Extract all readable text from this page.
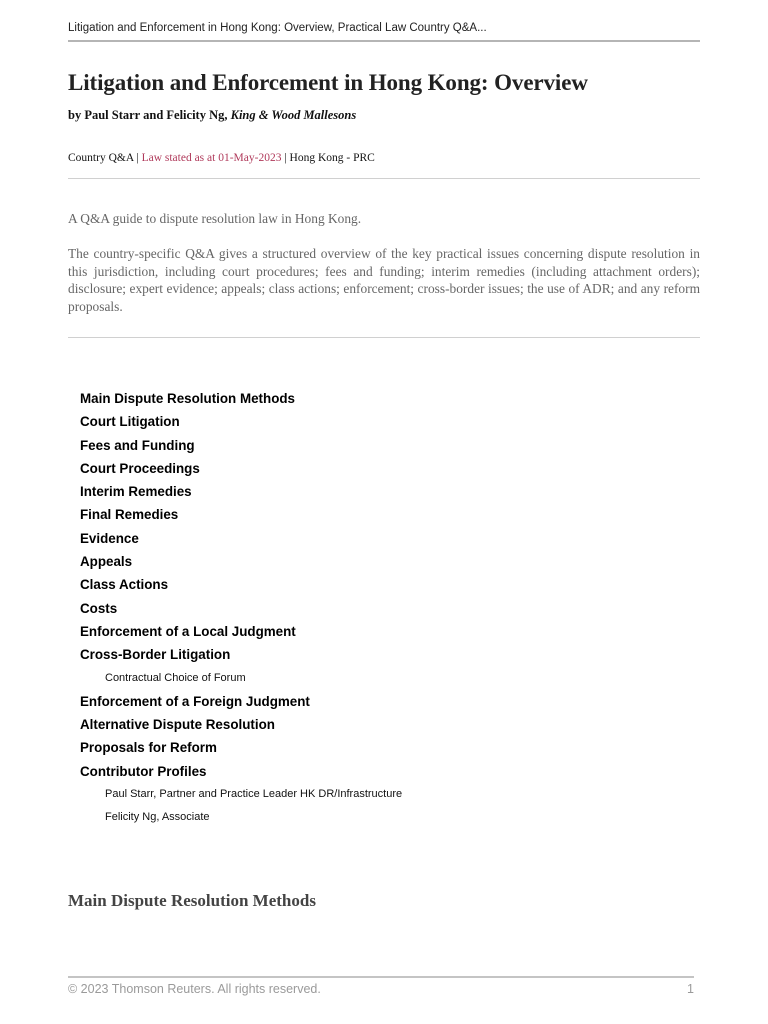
Litigation and Enforcement in Hong Kong: Overview, Practical Law Country Q&A...
Litigation and Enforcement in Hong Kong: Overview
by Paul Starr and Felicity Ng, King & Wood Mallesons
Country Q&A | Law stated as at 01-May-2023 | Hong Kong - PRC

A Q&A guide to dispute resolution law in Hong Kong.

The country-specific Q&A gives a structured overview of the key practical issues concerning dispute resolution in this jurisdiction, including court procedures; fees and funding; interim remedies (including attachment orders); disclosure; expert evidence; appeals; class actions; enforcement; cross-border issues; the use of ADR; and any reform proposals.

Main Dispute Resolution Methods
Court Litigation
Fees and Funding
Court Proceedings
Interim Remedies
Final Remedies
Evidence
Appeals
Class Actions
Costs
Enforcement of a Local Judgment
Cross-Border Litigation
Contractual Choice of Forum
Enforcement of a Foreign Judgment
Alternative Dispute Resolution
Proposals for Reform
Contributor Profiles
Paul Starr, Partner and Practice Leader HK DR/Infrastructure
Felicity Ng, Associate
Main Dispute Resolution Methods
© 2023 Thomson Reuters. All rights reserved.	1
